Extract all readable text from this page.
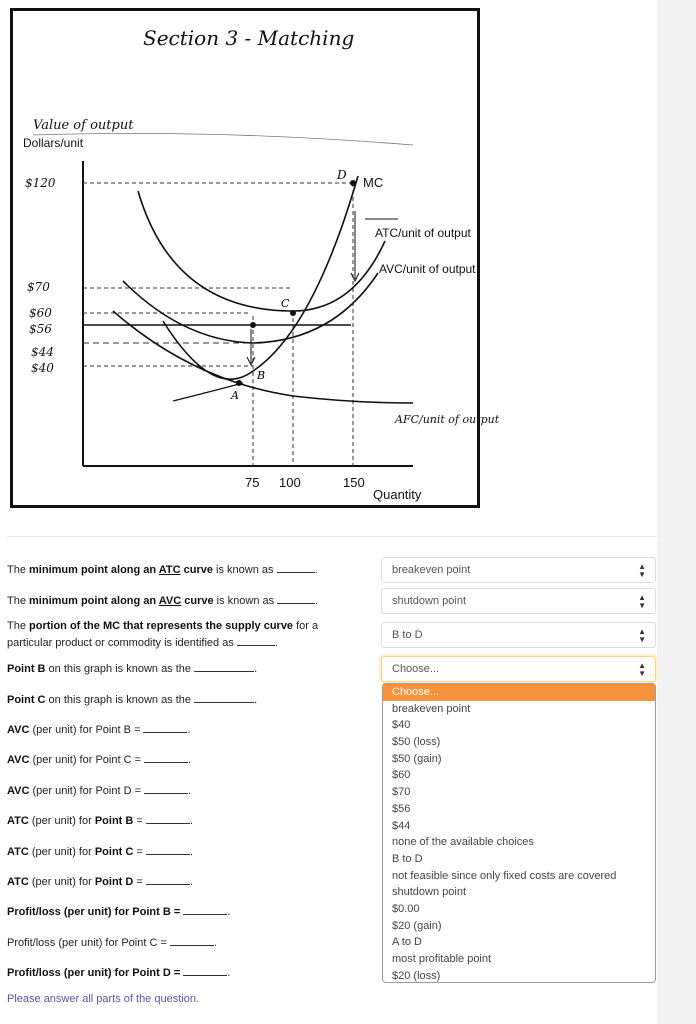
Section 3 - Matching
Value of output
Dollars/unit
$120
$70
$60
$56
$44
$40
A
B
C
D MC
ATC/unit of output
AVC/unit of output
AFC/unit of output
75 100	150
Quantity
The minimum point along an ATC curve is known as	.	breakeven point	▲
▼
The minimum point along an AVC curve is known as	.	shutdown point	▲
▼
The portion of the MC that represents the supply curve for a
particular product or commodity is identified as	.
B to D	▲
▼
Point B on this graph is known as the	.	Choose...	▲
▼
Point C on this graph is known as the	.
AVC (per unit) for Point B =	.
AVC (per unit) for Point C =	.
AVC (per unit) for Point D =	.
ATC (per unit) for Point B =	.
ATC (per unit) for Point C =	.
ATC (per unit) for Point D =	.
Profit/loss (per unit) for Point B =	.
Profit/loss (per unit) for Point C =	.
Profit/loss (per unit) for Point D =	.
Choose...
breakeven point
$40
$50 (loss)
$50 (gain)
$60
$70
$56
$44
none of the available choices
B to D
not feasible since only fixed costs are covered
shutdown point
$0.00
$20 (gain)
A to D
most profitable point
$20 (loss)
Please answer all parts of the question.
